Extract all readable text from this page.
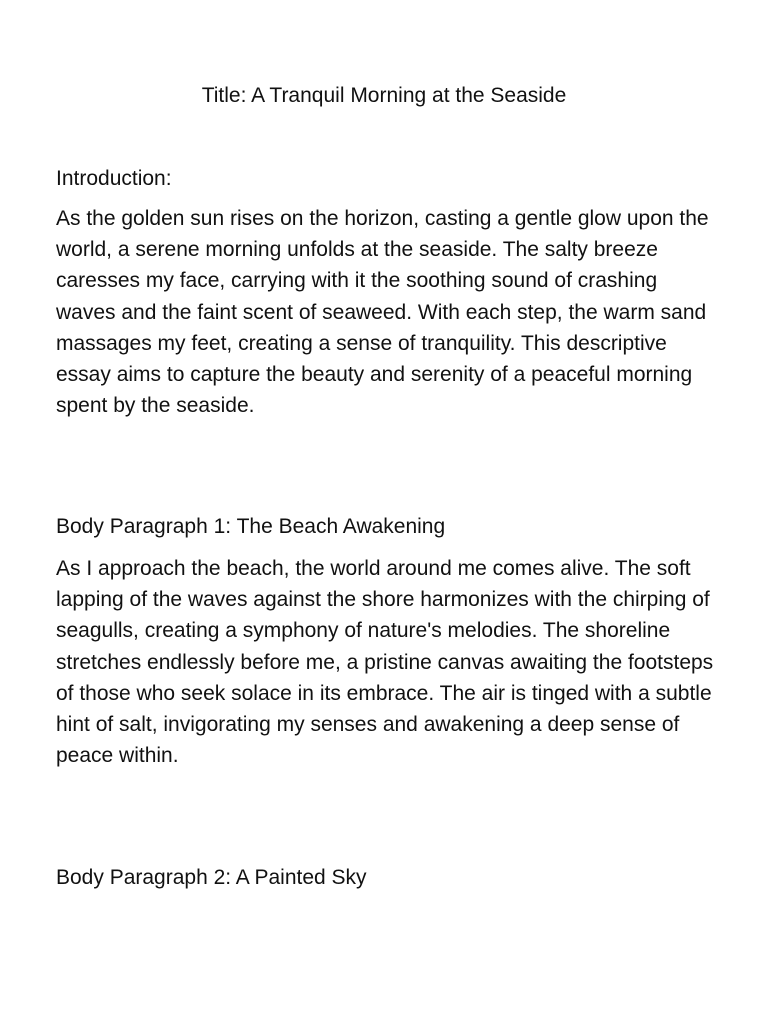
Title: A Tranquil Morning at the Seaside
Introduction:

As the golden sun rises on the horizon, casting a gentle glow upon the world, a serene morning unfolds at the seaside. The salty breeze caresses my face, carrying with it the soothing sound of crashing waves and the faint scent of seaweed. With each step, the warm sand massages my feet, creating a sense of tranquility. This descriptive essay aims to capture the beauty and serenity of a peaceful morning spent by the seaside.

Body Paragraph 1: The Beach Awakening

As I approach the beach, the world around me comes alive. The soft lapping of the waves against the shore harmonizes with the chirping of seagulls, creating a symphony of nature's melodies. The shoreline stretches endlessly before me, a pristine canvas awaiting the footsteps of those who seek solace in its embrace. The air is tinged with a subtle hint of salt, invigorating my senses and awakening a deep sense of peace within.

Body Paragraph 2: A Painted Sky
